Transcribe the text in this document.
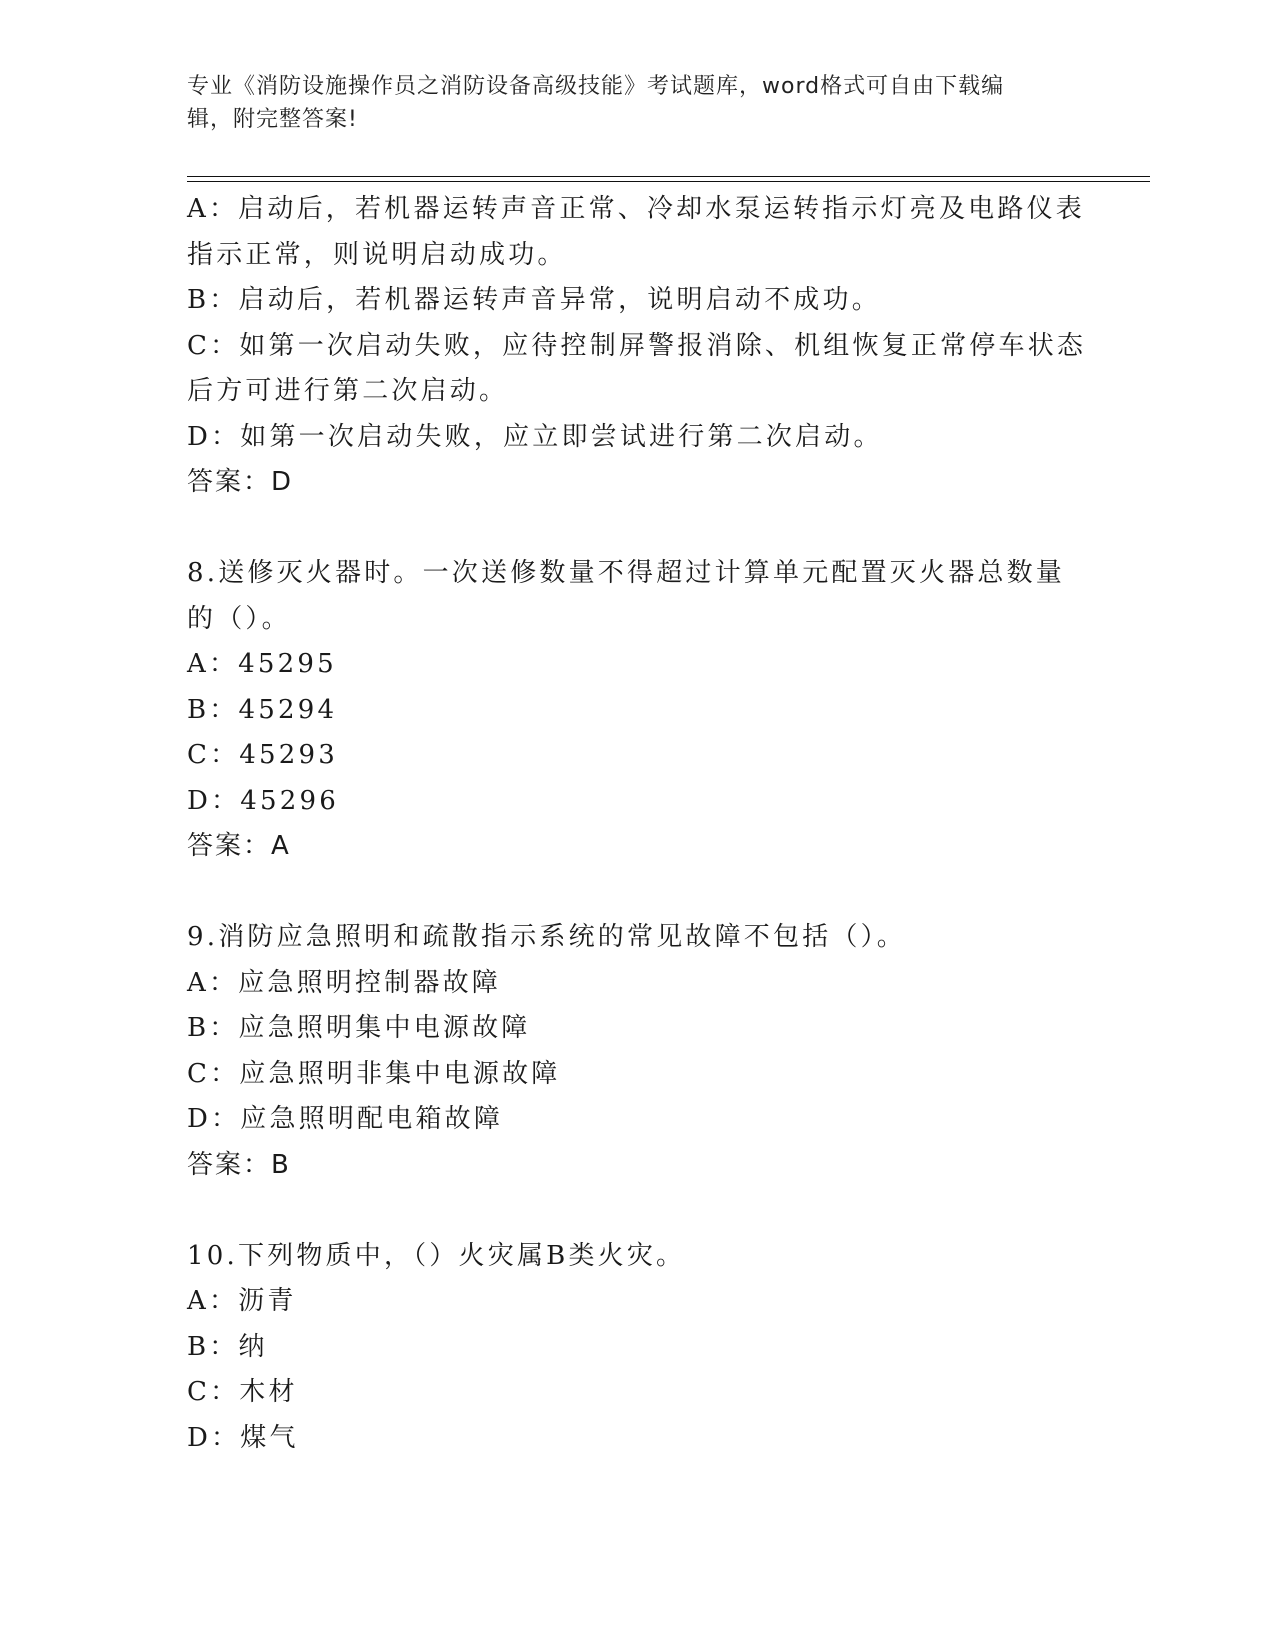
专业《消防设施操作员之消防设备高级技能》考试题库，word格式可自由下载编
辑，附完整答案!

A：启动后，若机器运转声音正常、冷却水泵运转指示灯亮及电路仪表

指示正常，则说明启动成功。

B：启动后，若机器运转声音异常，说明启动不成功。

C：如第一次启动失败，应待控制屏警报消除、机组恢复正常停车状态

后方可进行第二次启动。

D：如第一次启动失败，应立即尝试进行第二次启动。

答案：D

8.送修灭火器时。一次送修数量不得超过计算单元配置灭火器总数量

的（）。

A：45295

B：45294

C：45293

D：45296

答案：A

9.消防应急照明和疏散指示系统的常见故障不包括（）。

A：应急照明控制器故障

B：应急照明集中电源故障

C：应急照明非集中电源故障

D：应急照明配电箱故障

答案：B

10.下列物质中，（）火灾属B类火灾。

A：沥青

B：纳

C：木材

D：煤气
